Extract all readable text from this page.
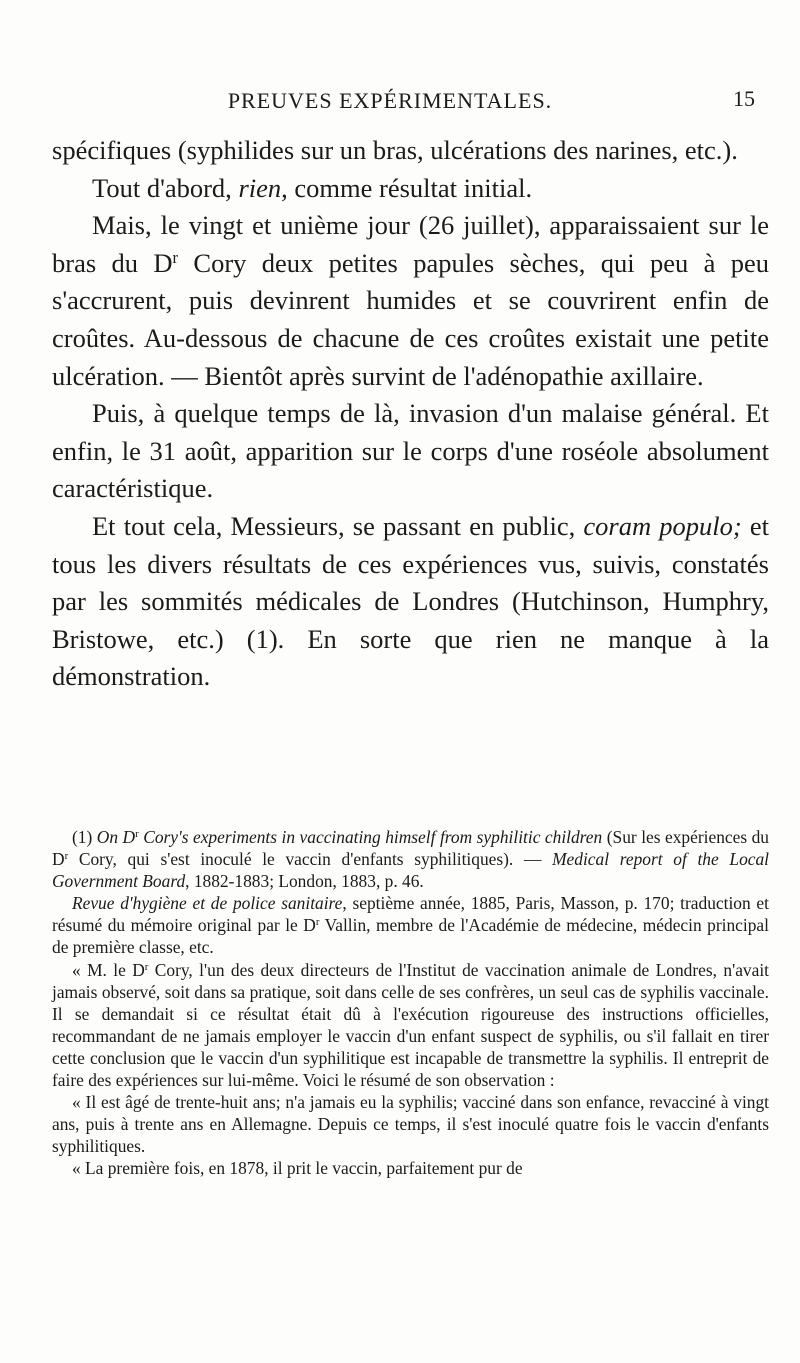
PREUVES EXPÉRIMENTALES.	15

spécifiques (syphilides sur un bras, ulcérations des narines, etc.).

Tout d'abord, rien, comme résultat initial.

Mais, le vingt et unième jour (26 juillet), apparaissaient sur le bras du $D^r$ Cory deux petites papules sèches, qui peu à peu s'accrurent, puis devinrent humides et se couvrirent enfin de croûtes. Au-dessous de chacune de ces croûtes existait une petite ulcération. — Bientôt après survint de l'adénopathie axillaire.

Puis, à quelque temps de là, invasion d'un malaise général. Et enfin, le 31 août, apparition sur le corps d'une roséole absolument caractéristique.

Et tout cela, Messieurs, se passant en public, coram populo; et tous les divers résultats de ces expériences vus, suivis, constatés par les sommités médicales de Londres (Hutchinson, Humphry, Bristowe, etc.) (1). En sorte que rien ne manque à la démonstration.

(1) On $D^r$ Cory's experiments in vaccinating himself from syphilitic children (Sur les expériences du $D^r$ Cory, qui s'est inoculé le vaccin d'enfants syphilitiques). — Medical report of the Local Government Board, 1882-1883; London, 1883, p. 46.

Revue d'hygiène et de police sanitaire, septième année, 1885, Paris, Masson, p. 170; traduction et résumé du mémoire original par le $D^r$ Vallin, membre de l'Académie de médecine, médecin principal de première classe, etc.

« M. le $D^r$ Cory, l'un des deux directeurs de l'Institut de vaccination animale de Londres, n'avait jamais observé, soit dans sa pratique, soit dans celle de ses confrères, un seul cas de syphilis vaccinale. Il se demandait si ce résultat était dû à l'exécution rigoureuse des instructions officielles, recommandant de ne jamais employer le vaccin d'un enfant suspect de syphilis, ou s'il fallait en tirer cette conclusion que le vaccin d'un syphilitique est incapable de transmettre la syphilis. Il entreprit de faire des expériences sur lui-même. Voici le résumé de son observation :

« Il est âgé de trente-huit ans; n'a jamais eu la syphilis; vacciné dans son enfance, revacciné à vingt ans, puis à trente ans en Allemagne. Depuis ce temps, il s'est inoculé quatre fois le vaccin d'enfants syphilitiques.

« La première fois, en 1878, il prit le vaccin, parfaitement pur de
